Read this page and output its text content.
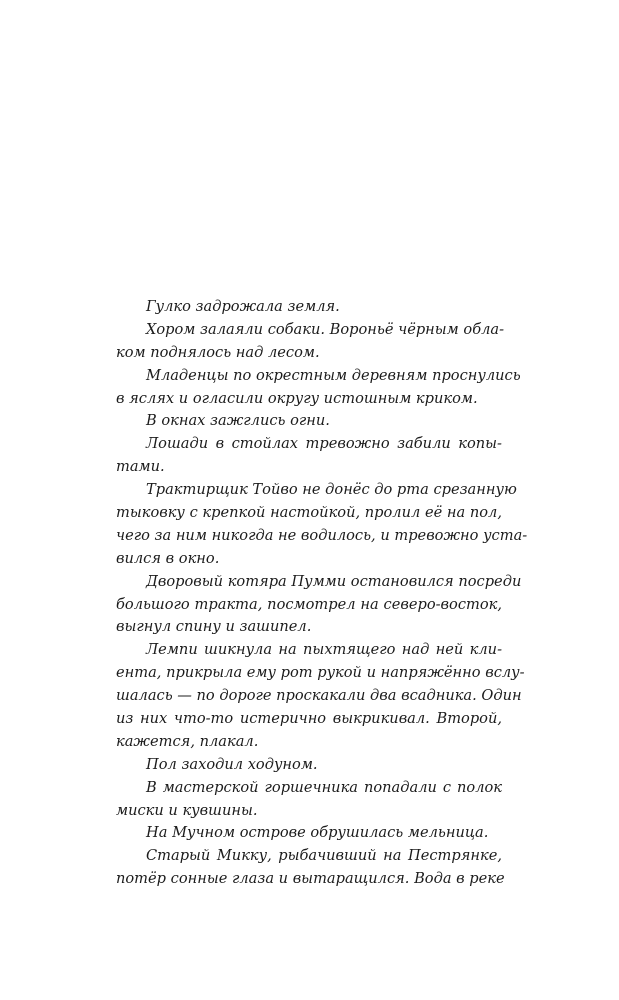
Гулко задрожала земля.
Хором залаяли собаки. Вороньё чёрным обла-
ком поднялось над лесом.
Младенцы по окрестным деревням проснулись
в яслях и огласили округу истошным криком.
В окнах зажглись огни.
Лошади в стойлах тревожно забили копы-
тами.
Трактирщик Тойво не донёс до рта срезанную
тыковку с крепкой настойкой, пролил её на пол,
чего за ним никогда не водилось, и тревожно уста-
вился в окно.
Дворовый котяра Пумми остановился посреди
большого тракта, посмотрел на северо-восток,
выгнул спину и зашипел.
Лемпи шикнула на пыхтящего над ней кли-
ента, прикрыла ему рот рукой и напряжённо вслу-
шалась — по дороге проскакали два всадника. Один
из них что-то истерично выкрикивал. Второй,
кажется, плакал.
Пол заходил ходуном.
В мастерской горшечника попадали с полок
миски и кувшины.
На Мучном острове обрушилась мельница.
Старый Микку, рыбачивший на Пестрянке,
потёр сонные глаза и вытаращился. Вода в реке
